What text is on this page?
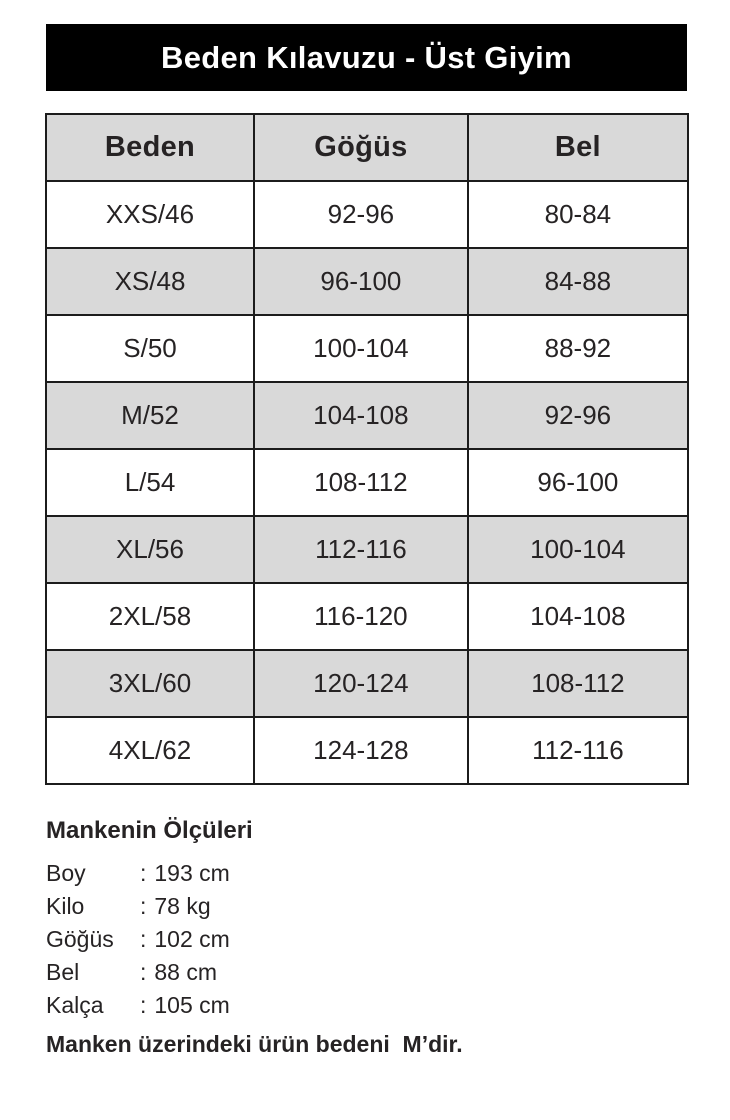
Beden Kılavuzu - Üst Giyim
Beden	Göğüs	Bel
XXS/46	92-96	80-84
XS/48	96-100	84-88
S/50	100-104	88-92
M/52	104-108	92-96
L/54	108-112	96-100
XL/56	112-116	100-104
2XL/58	116-120	104-108
3XL/60	120-124	108-112
4XL/62	124-128	112-116
Mankenin Ölçüleri
Boy	: 193 cm
Kilo	: 78 kg
Göğüs	: 102 cm
Bel	: 88 cm
Kalça	: 105 cm
Manken üzerindeki ürün bedeni  M’dir.
